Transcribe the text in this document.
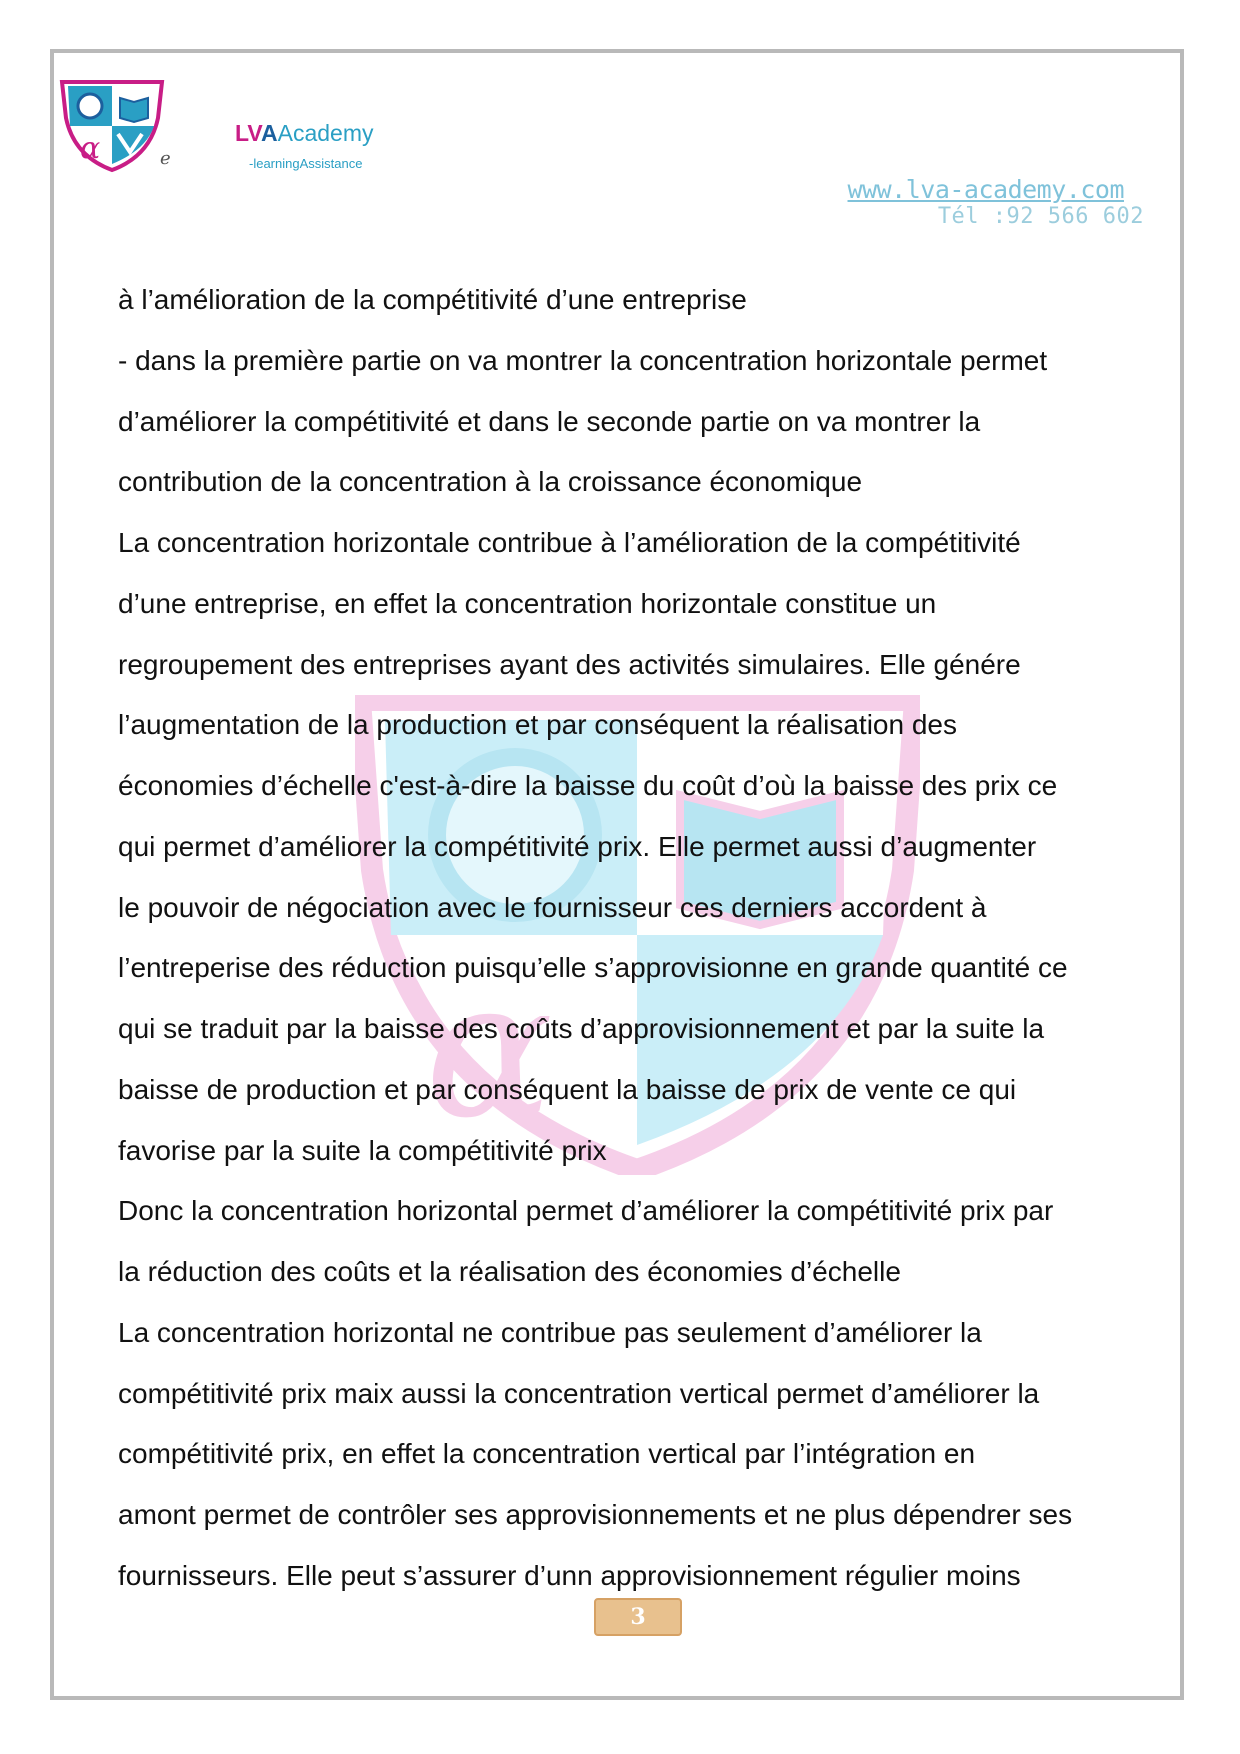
α	e
LVAAcademy
-learningAssistance
www.lva-academy.com
Tél :92 566 602
α
à l’amélioration de la compétitivité d’une entreprise
- dans la première partie on va montrer la concentration horizontale permet
d’améliorer la compétitivité et dans le seconde partie on va montrer la
contribution de la concentration à la croissance économique
La concentration horizontale contribue à l’amélioration de la compétitivité
d’une entreprise, en effet la concentration horizontale constitue un
regroupement des entreprises ayant des activités simulaires. Elle génére
l’augmentation de la production et par conséquent la réalisation des
économies d’échelle c'est-à-dire la baisse du coût d’où la baisse des prix ce
qui permet d’améliorer la compétitivité prix. Elle permet aussi d’augmenter
le pouvoir de négociation avec le fournisseur ces derniers accordent à
l’entreperise des réduction puisqu’elle s’approvisionne en grande quantité ce
qui se traduit par la baisse des coûts d’approvisionnement et par la suite la
baisse de production et par conséquent la baisse de prix de vente ce qui
favorise par la suite la compétitivité prix
Donc la concentration horizontal permet d’améliorer la compétitivité prix par
la réduction des coûts et la réalisation des économies d’échelle
La concentration horizontal ne contribue pas seulement d’améliorer la
compétitivité prix maix aussi la concentration vertical permet d’améliorer la
compétitivité prix, en effet la concentration vertical par l’intégration en
amont permet de contrôler ses approvisionnements et ne plus dépendrer ses
fournisseurs. Elle peut s’assurer d’unn approvisionnement régulier moins
3
